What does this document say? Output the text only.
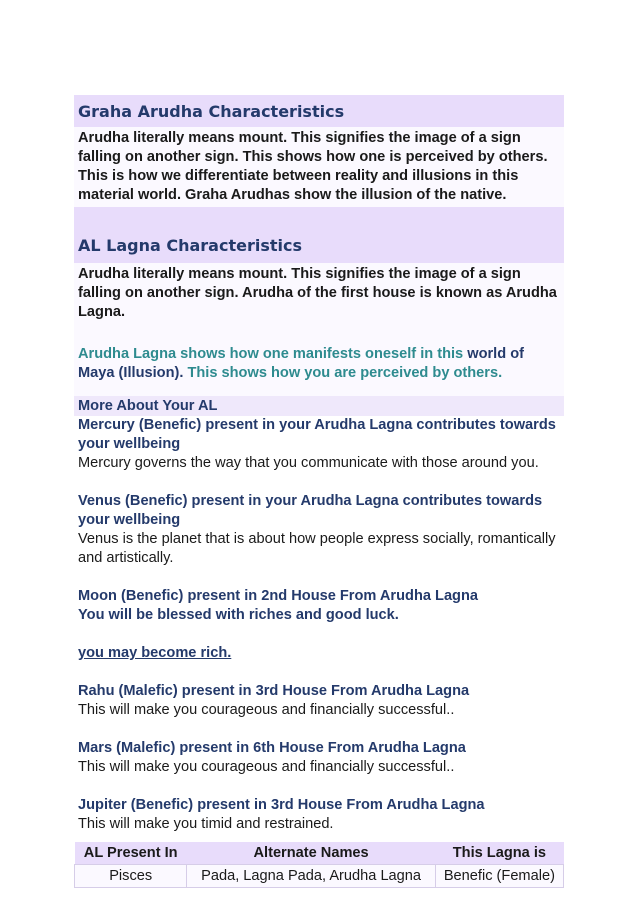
Graha Arudha Characteristics
Arudha literally means mount. This signifies the image of a sign falling on another sign. This shows how one is perceived by others. This is how we differentiate between reality and illusions in this material world. Graha Arudhas show the illusion of the native.
AL Lagna Characteristics
Arudha literally means mount. This signifies the image of a sign falling on another sign. Arudha of the first house is known as Arudha Lagna.
Arudha Lagna shows how one manifests oneself in this world of Maya (Illusion). This shows how you are perceived by others.
More About Your AL
Mercury (Benefic) present in your Arudha Lagna contributes towards your wellbeing
Mercury governs the way that you communicate with those around you.
Venus (Benefic) present in your Arudha Lagna contributes towards your wellbeing
Venus is the planet that is about how people express socially, romantically and artistically.
Moon (Benefic) present in 2nd House From Arudha Lagna
You will be blessed with riches and good luck.
you may become rich.
Rahu (Malefic) present in 3rd House From Arudha Lagna
This will make you courageous and financially successful..
Mars (Malefic) present in 6th House From Arudha Lagna
This will make you courageous and financially successful..
Jupiter (Benefic) present in 3rd House From Arudha Lagna
This will make you timid and restrained.
AL Present In	Alternate Names	This Lagna is
Pisces	Pada, Lagna Pada, Arudha Lagna	Benefic (Female)
